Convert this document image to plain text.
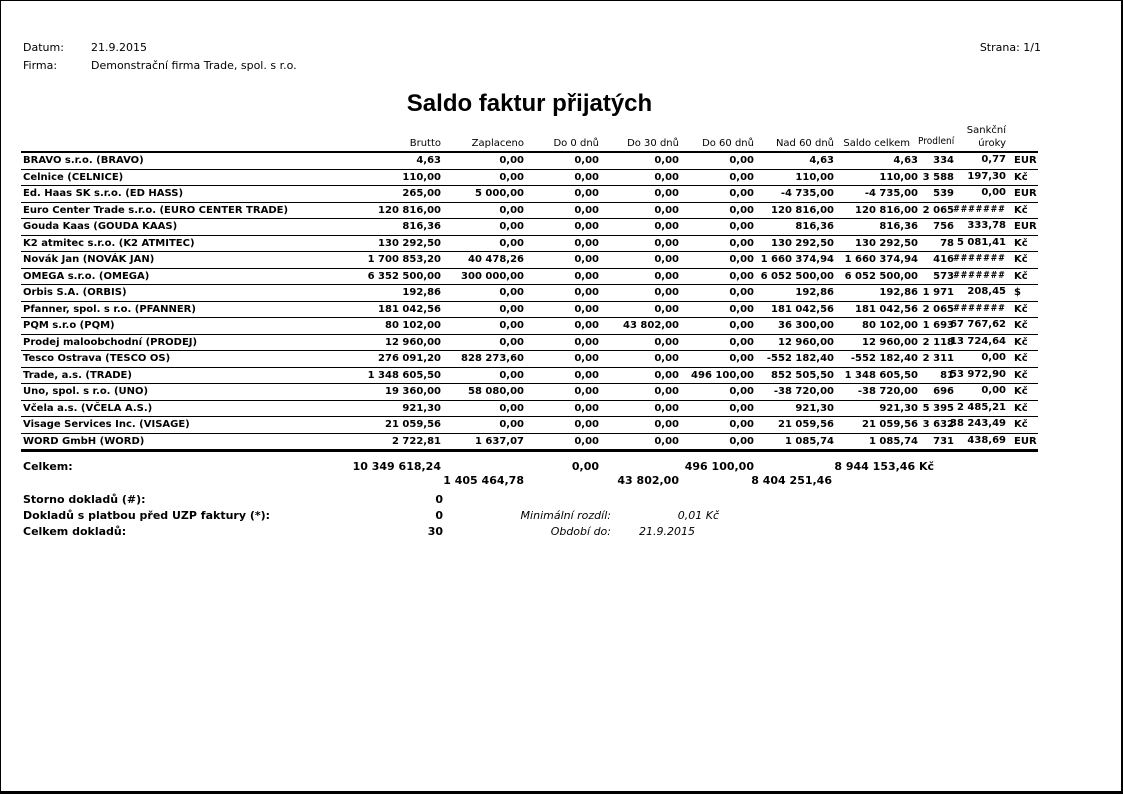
Datum: 21.9.2015
Firma:	Demonstrační firma Trade, spol. s r.o.
Strana: 1/1
Saldo faktur přijatých
	Brutto	Zaplaceno	Do 0 dnů	Do 30 dnů	Do 60 dnů	Nad 60 dnů	Saldo celkem	Prodlení	Sankční
úroky	

BRAVO s.r.o. (BRAVO)	4,63	0,00	0,00	0,00	0,00	4,63	4,63	334	0,77	EUR
Celnice (CELNICE)	110,00	0,00	0,00	0,00	0,00	110,00	110,00	3 588	197,30	Kč
Ed. Haas SK s.r.o. (ED HASS)	265,00	5 000,00	0,00	0,00	0,00	-4 735,00	-4 735,00	539	0,00	EUR
Euro Center Trade s.r.o. (EURO CENTER TRADE)	120 816,00	0,00	0,00	0,00	0,00	120 816,00	120 816,00	2 065	#######	Kč
Gouda Kaas (GOUDA KAAS)	816,36	0,00	0,00	0,00	0,00	816,36	816,36	756	333,78	EUR
K2 atmitec s.r.o. (K2 ATMITEC)	130 292,50	0,00	0,00	0,00	0,00	130 292,50	130 292,50	78	5 081,41	Kč
Novák Jan (NOVÁK JAN)	1 700 853,20	40 478,26	0,00	0,00	0,00	1 660 374,94	1 660 374,94	416	#######	Kč
OMEGA s.r.o. (OMEGA)	6 352 500,00	300 000,00	0,00	0,00	0,00	6 052 500,00	6 052 500,00	573	#######	Kč
Orbis S.A. (ORBIS)	192,86	0,00	0,00	0,00	0,00	192,86	192,86	1 971	208,45	$
Pfanner, spol. s r.o. (PFANNER)	181 042,56	0,00	0,00	0,00	0,00	181 042,56	181 042,56	2 065	#######	Kč
PQM s.r.o (PQM)	80 102,00	0,00	0,00	43 802,00	0,00	36 300,00	80 102,00	1 693	67 767,62	Kč
Prodej maloobchodní (PRODEJ)	12 960,00	0,00	0,00	0,00	0,00	12 960,00	12 960,00	2 118	13 724,64	Kč
Tesco Ostrava (TESCO OS)	276 091,20	828 273,60	0,00	0,00	0,00	-552 182,40	-552 182,40	2 311	0,00	Kč
Trade, a.s. (TRADE)	1 348 605,50	0,00	0,00	0,00	496 100,00	852 505,50	1 348 605,50	81	53 972,90	Kč
Uno, spol. s r.o. (UNO)	19 360,00	58 080,00	0,00	0,00	0,00	-38 720,00	-38 720,00	696	0,00	Kč
Včela a.s. (VČELA A.S.)	921,30	0,00	0,00	0,00	0,00	921,30	921,30	5 395	2 485,21	Kč
Visage Services Inc. (VISAGE)	21 059,56	0,00	0,00	0,00	0,00	21 059,56	21 059,56	3 632	38 243,49	Kč
WORD GmbH (WORD)	2 722,81	1 637,07	0,00	0,00	0,00	1 085,74	1 085,74	731	438,69	EUR
Celkem:	10 349 618,24	0,00	496 100,00	8 944 153,46 Kč
1 405 464,78	43 802,00	8 404 251,46
Storno dokladů (#):	0
Dokladů s platbou před UZP faktury (*):	0	Minimální rozdíl:	0,01 Kč
Celkem dokladů:	30	Období do:	21.9.2015
